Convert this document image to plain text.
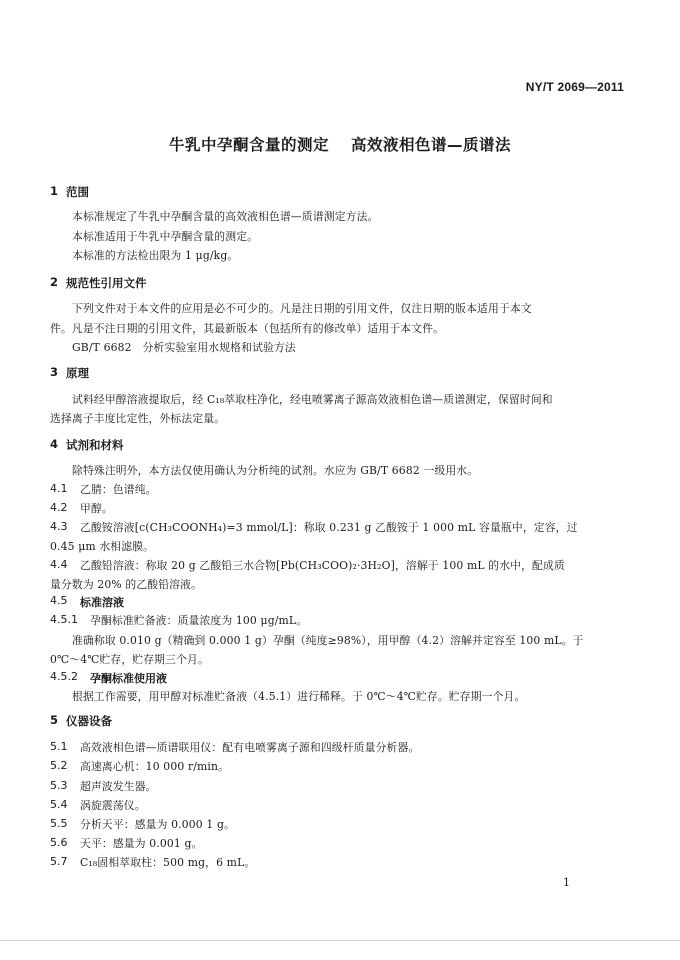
NY/T 2069—2011
牛乳中孕酮含量的测定 高效液相色谱—质谱法
1 范围
本标准规定了牛乳中孕酮含量的高效液相色谱—质谱测定方法。
本标准适用于牛乳中孕酮含量的测定。
本标准的方法检出限为 1 μg/kg。
2 规范性引用文件
下列文件对于本文件的应用是必不可少的。凡是注日期的引用文件，仅注日期的版本适用于本文
件。凡是不注日期的引用文件，其最新版本（包括所有的修改单）适用于本文件。
GB/T 6682　分析实验室用水规格和试验方法
3 原理
试料经甲醇溶液提取后，经 C₁₈萃取柱净化，经电喷雾离子源高效液相色谱—质谱测定，保留时间和
选择离子丰度比定性，外标法定量。
4 试剂和材料
除特殊注明外，本方法仅使用确认为分析纯的试剂。水应为 GB/T 6682 一级用水。
4.1 乙腈：色谱纯。
4.2 甲醇。
4.3 乙酸铵溶液[c(CH₃COONH₄)=3 mmol/L]：称取 0.231 g 乙酸铵于 1 000 mL 容量瓶中，定容，过
0.45 μm 水相滤膜。
4.4 乙酸铅溶液：称取 20 g 乙酸铅三水合物[Pb(CH₃COO)₂·3H₂O]，溶解于 100 mL 的水中，配成质
量分数为 20% 的乙酸铅溶液。
4.5 标准溶液
4.5.1 孕酮标准贮备液：质量浓度为 100 μg/mL。
准确称取 0.010 g（精确到 0.000 1 g）孕酮（纯度≥98%），用甲醇（4.2）溶解并定容至 100 mL。于
0℃～4℃贮存，贮存期三个月。
4.5.2 孕酮标准使用液
根据工作需要，用甲醇对标准贮备液（4.5.1）进行稀释。于 0℃～4℃贮存。贮存期一个月。
5 仪器设备
5.1 高效液相色谱—质谱联用仪：配有电喷雾离子源和四级杆质量分析器。
5.2 高速离心机：10 000 r/min。
5.3 超声波发生器。
5.4 涡旋震荡仪。
5.5 分析天平：感量为 0.000 1 g。
5.6 天平：感量为 0.001 g。
5.7 C₁₈固相萃取柱：500 mg，6 mL。
1
